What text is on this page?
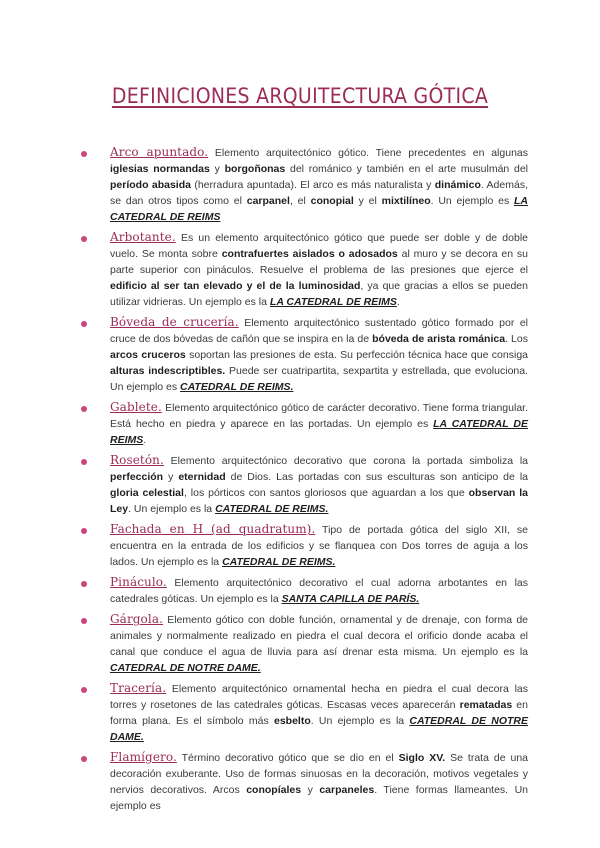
DEFINICIONES ARQUITECTURA GÓTICA
Arco apuntado. Elemento arquitectónico gótico. Tiene precedentes en algunas iglesias normandas y borgoñonas del románico y también en el arte musulmán del período abasida (herradura apuntada). El arco es más naturalista y dinámico. Además, se dan otros tipos como el carpanel, el conopial y el mixtilíneo. Un ejemplo es LA CATEDRAL DE REIMS
Arbotante. Es un elemento arquitectónico gótico que puede ser doble y de doble vuelo. Se monta sobre contrafuertes aislados o adosados al muro y se decora en su parte superior con pináculos. Resuelve el problema de las presiones que ejerce el edificio al ser tan elevado y el de la luminosidad, ya que gracias a ellos se pueden utilizar vidrieras. Un ejemplo es la LA CATEDRAL DE REIMS.
Bóveda de crucería. Elemento arquitectónico sustentado gótico formado por el cruce de dos bóvedas de cañón que se inspira en la de bóveda de arista románica. Los arcos cruceros soportan las presiones de esta. Su perfección técnica hace que consiga alturas indescriptibles. Puede ser cuatripartita, sexpartita y estrellada, que evoluciona. Un ejemplo es CATEDRAL DE REIMS.
Gablete. Elemento arquitectónico gótico de carácter decorativo. Tiene forma triangular. Está hecho en piedra y aparece en las portadas. Un ejemplo es LA CATEDRAL DE REIMS.
Rosetón. Elemento arquitectónico decorativo que corona la portada simboliza la perfección y eternidad de Dios. Las portadas con sus esculturas son anticipo de la gloria celestial, los pórticos con santos gloriosos que aguardan a los que observan la Ley. Un ejemplo es la CATEDRAL DE REIMS.
Fachada en H (ad quadratum). Tipo de portada gótica del siglo XII, se encuentra en la entrada de los edificios y se flanquea con Dos torres de aguja a los lados. Un ejemplo es la CATEDRAL DE REIMS.
Pináculo. Elemento arquitectónico decorativo el cual adorna arbotantes en las catedrales góticas. Un ejemplo es la SANTA CAPILLA DE PARÍS.
Gárgola. Elemento gótico con doble función, ornamental y de drenaje, con forma de animales y normalmente realizado en piedra el cual decora el orificio donde acaba el canal que conduce el agua de lluvia para así drenar esta misma. Un ejemplo es la CATEDRAL DE NOTRE DAME.
Tracería. Elemento arquitectónico ornamental hecha en piedra el cual decora las torres y rosetones de las catedrales góticas. Escasas veces aparecerán rematadas en forma plana. Es el símbolo más esbelto. Un ejemplo es la CATEDRAL DE NOTRE DAME.
Flamígero. Término decorativo gótico que se dio en el Siglo XV. Se trata de una decoración exuberante. Uso de formas sinuosas en la decoración, motivos vegetales y nervios decorativos. Arcos conopíales y carpaneles. Tiene formas llameantes. Un ejemplo es
